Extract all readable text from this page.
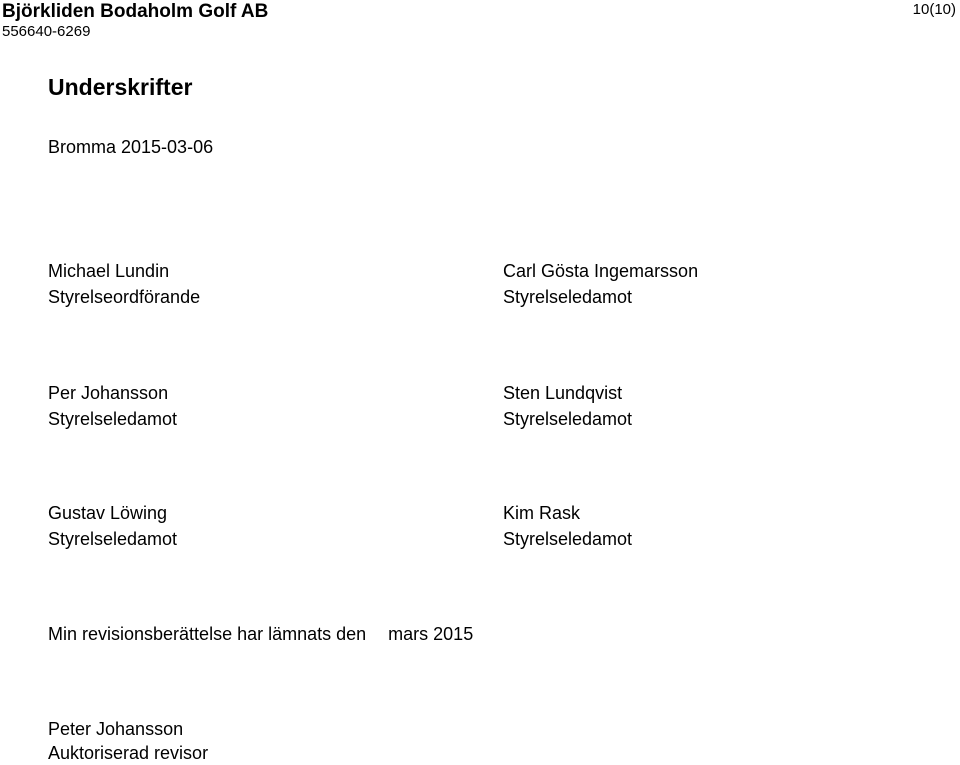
Björkliden Bodaholm Golf AB
556640-6269
10(10)
Underskrifter
Bromma 2015-03-06
Michael Lundin
Styrelseordförande
Carl Gösta Ingemarsson
Styrelseledamot
Per Johansson
Styrelseledamot
Sten Lundqvist
Styrelseledamot
Gustav Löwing
Styrelseledamot
Kim Rask
Styrelseledamot
Min revisionsberättelse har lämnats den mars 2015
Peter Johansson
Auktoriserad revisor
